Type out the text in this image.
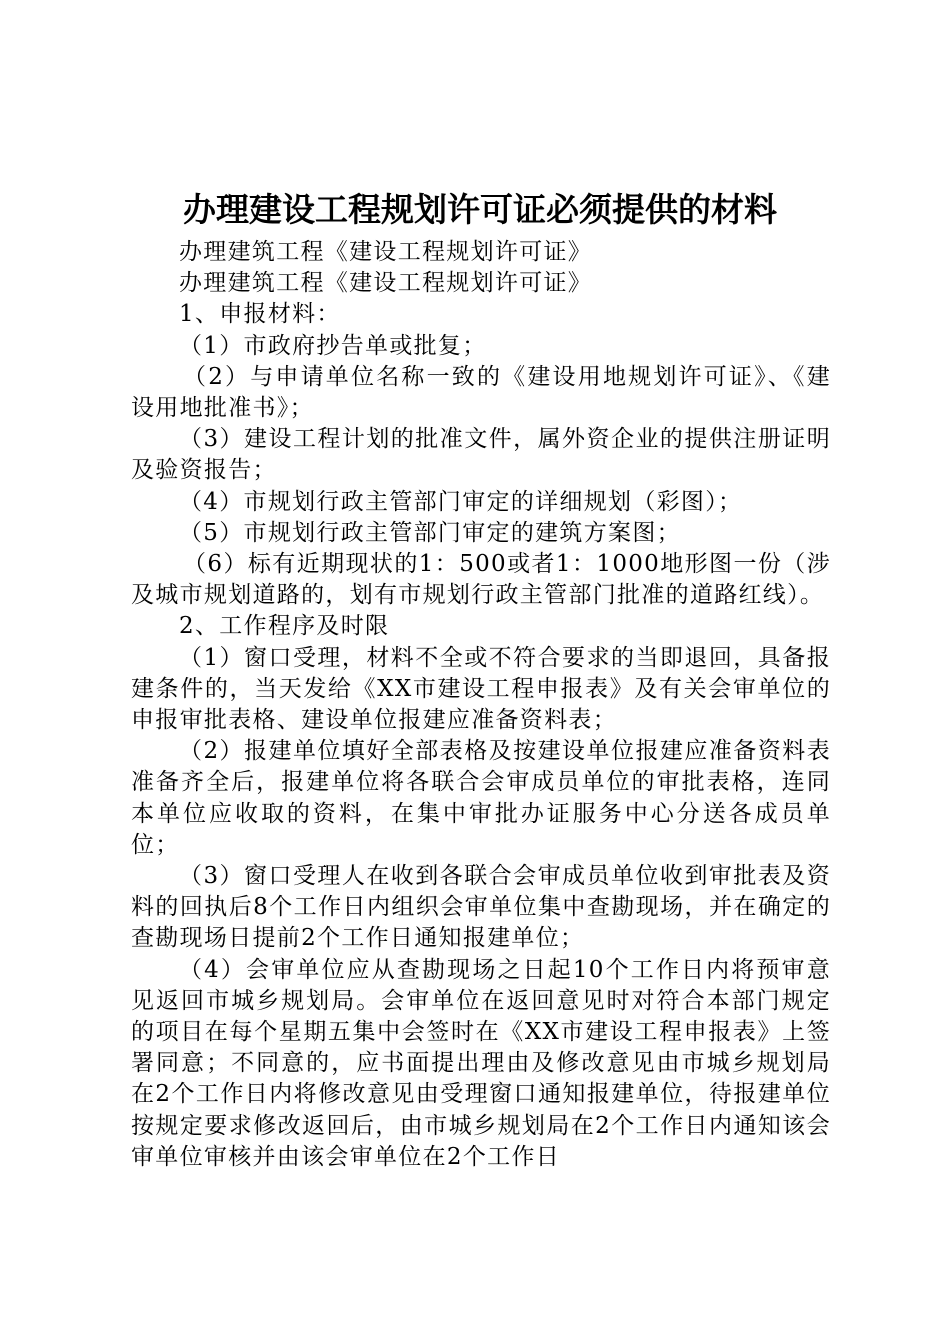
办理建设工程规划许可证必须提供的材料

办理建筑工程《建设工程规划许可证》

办理建筑工程《建设工程规划许可证》

1、申报材料：

（1）市政府抄告单或批复；

（2）与申请单位名称一致的《建设用地规划许可证》、《建设用地批准书》；

（3）建设工程计划的批准文件，属外资企业的提供注册证明及验资报告；

（4）市规划行政主管部门审定的详细规划（彩图）；

（5）市规划行政主管部门审定的建筑方案图；

（6）标有近期现状的1：500或者1：1000地形图一份（涉及城市规划道路的，划有市规划行政主管部门批准的道路红线）。

2、工作程序及时限

（1）窗口受理，材料不全或不符合要求的当即退回，具备报建条件的，当天发给《XX市建设工程申报表》及有关会审单位的申报审批表格、建设单位报建应准备资料表；

（2）报建单位填好全部表格及按建设单位报建应准备资料表准备齐全后，报建单位将各联合会审成员单位的审批表格，连同本单位应收取的资料，在集中审批办证服务中心分送各成员单位；

（3）窗口受理人在收到各联合会审成员单位收到审批表及资料的回执后8个工作日内组织会审单位集中查勘现场，并在确定的查勘现场日提前2个工作日通知报建单位；

（4）会审单位应从查勘现场之日起10个工作日内将预审意见返回市城乡规划局。会审单位在返回意见时对符合本部门规定的项目在每个星期五集中会签时在《XX市建设工程申报表》上签署同意；不同意的，应书面提出理由及修改意见由市城乡规划局在2个工作日内将修改意见由受理窗口通知报建单位，待报建单位按规定要求修改返回后，由市城乡规划局在2个工作日内通知该会审单位审核并由该会审单位在2个工作日
